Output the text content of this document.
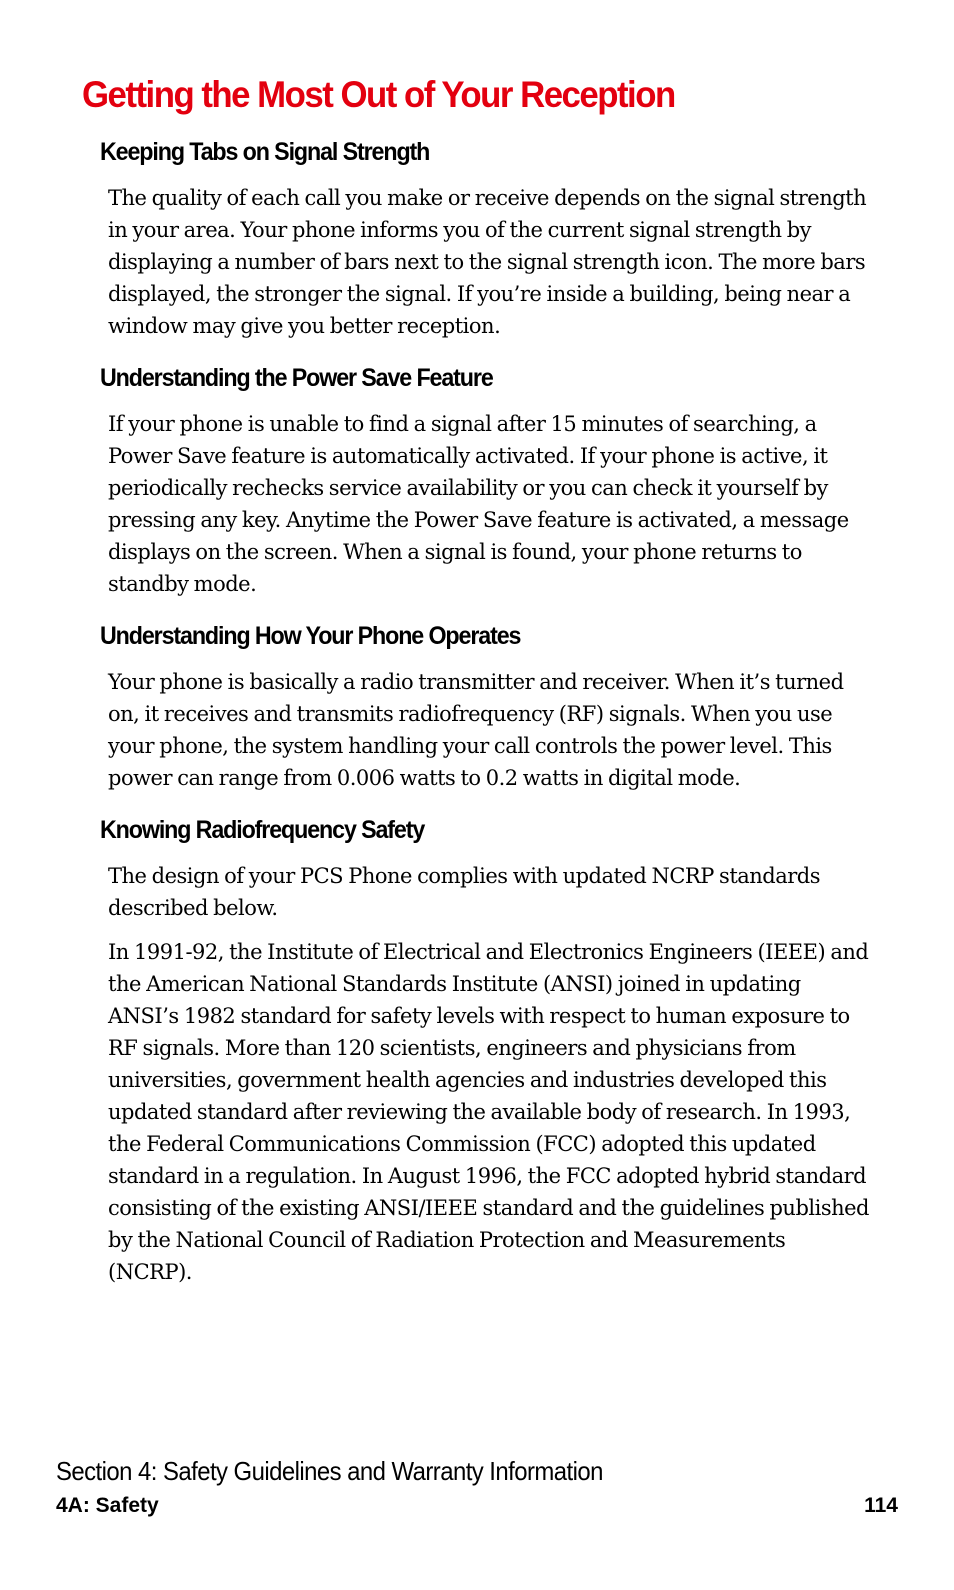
Getting the Most Out of Your Reception
Keeping Tabs on Signal Strength

The quality of each call you make or receive depends on the signal strength in your area. Your phone informs you of the current signal strength by displaying a number of bars next to the signal strength icon. The more bars displayed, the stronger the signal. If you’re inside a building, being near a window may give you better reception.

Understanding the Power Save Feature

If your phone is unable to find a signal after 15 minutes of searching, a Power Save feature is automatically activated. If your phone is active, it periodically rechecks service availability or you can check it yourself by pressing any key. Anytime the Power Save feature is activated, a message displays on the screen. When a signal is found, your phone returns to standby mode.

Understanding How Your Phone Operates

Your phone is basically a radio transmitter and receiver. When it’s turned on, it receives and transmits radiofrequency (RF) signals. When you use your phone, the system handling your call controls the power level. This power can range from 0.006 watts to 0.2 watts in digital mode.

Knowing Radiofrequency Safety

The design of your PCS Phone complies with updated NCRP standards described below.

In 1991-92, the Institute of Electrical and Electronics Engineers (IEEE) and the American National Standards Institute (ANSI) joined in updating ANSI’s 1982 standard for safety levels with respect to human exposure to RF signals. More than 120 scientists, engineers and physicians from universities, government health agencies and industries developed this updated standard after reviewing the available body of research. In 1993, the Federal Communications Commission (FCC) adopted this updated standard in a regulation. In August 1996, the FCC adopted hybrid standard consisting of the existing ANSI/IEEE standard and the guidelines published by the National Council of Radiation Protection and Measurements (NCRP).

Section 4: Safety Guidelines and Warranty Information
4A: Safety	114
